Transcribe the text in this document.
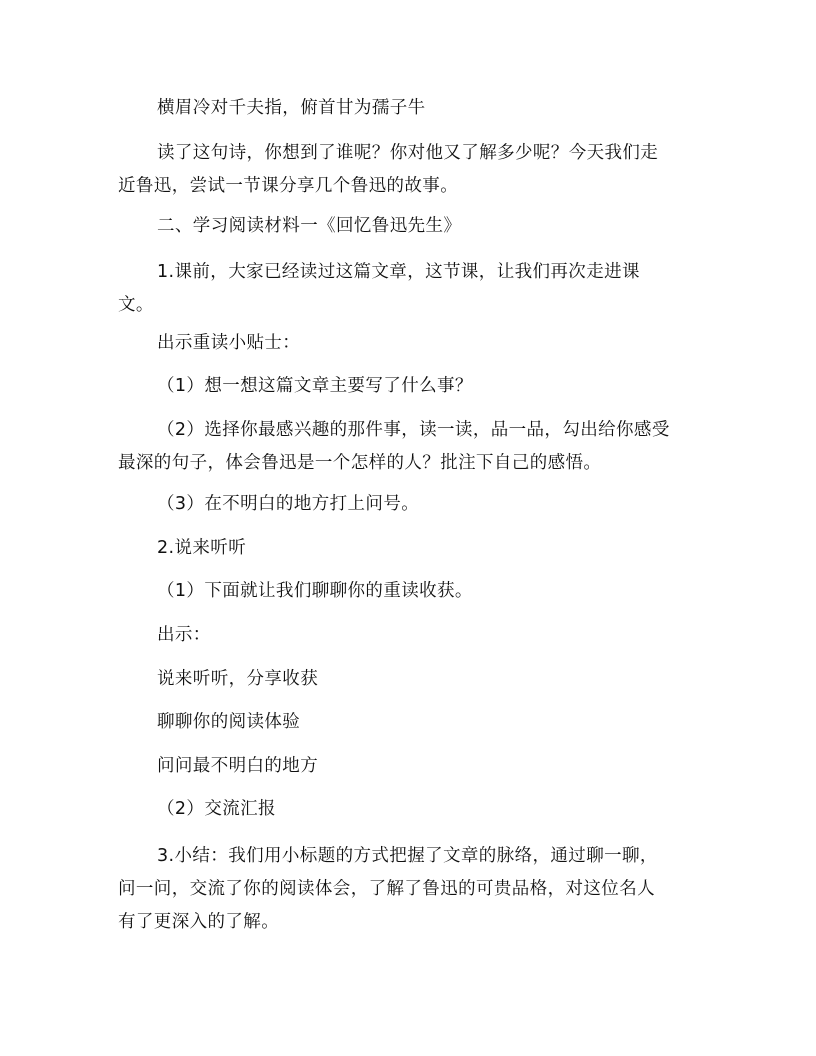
横眉冷对千夫指，俯首甘为孺子牛

读了这句诗，你想到了谁呢？你对他又了解多少呢？今天我们走
近鲁迅，尝试一节课分享几个鲁迅的故事。

二、学习阅读材料一《回忆鲁迅先生》

1.课前，大家已经读过这篇文章，这节课，让我们再次走进课
文。

出示重读小贴士：

（1）想一想这篇文章主要写了什么事？

（2）选择你最感兴趣的那件事，读一读，品一品，勾出给你感受
最深的句子，体会鲁迅是一个怎样的人？批注下自己的感悟。

（3）在不明白的地方打上问号。

2.说来听听

（1）下面就让我们聊聊你的重读收获。

出示：

说来听听，分享收获

聊聊你的阅读体验

问问最不明白的地方

（2）交流汇报

3.小结：我们用小标题的方式把握了文章的脉络，通过聊一聊，
问一问，交流了你的阅读体会，了解了鲁迅的可贵品格，对这位名人
有了更深入的了解。
